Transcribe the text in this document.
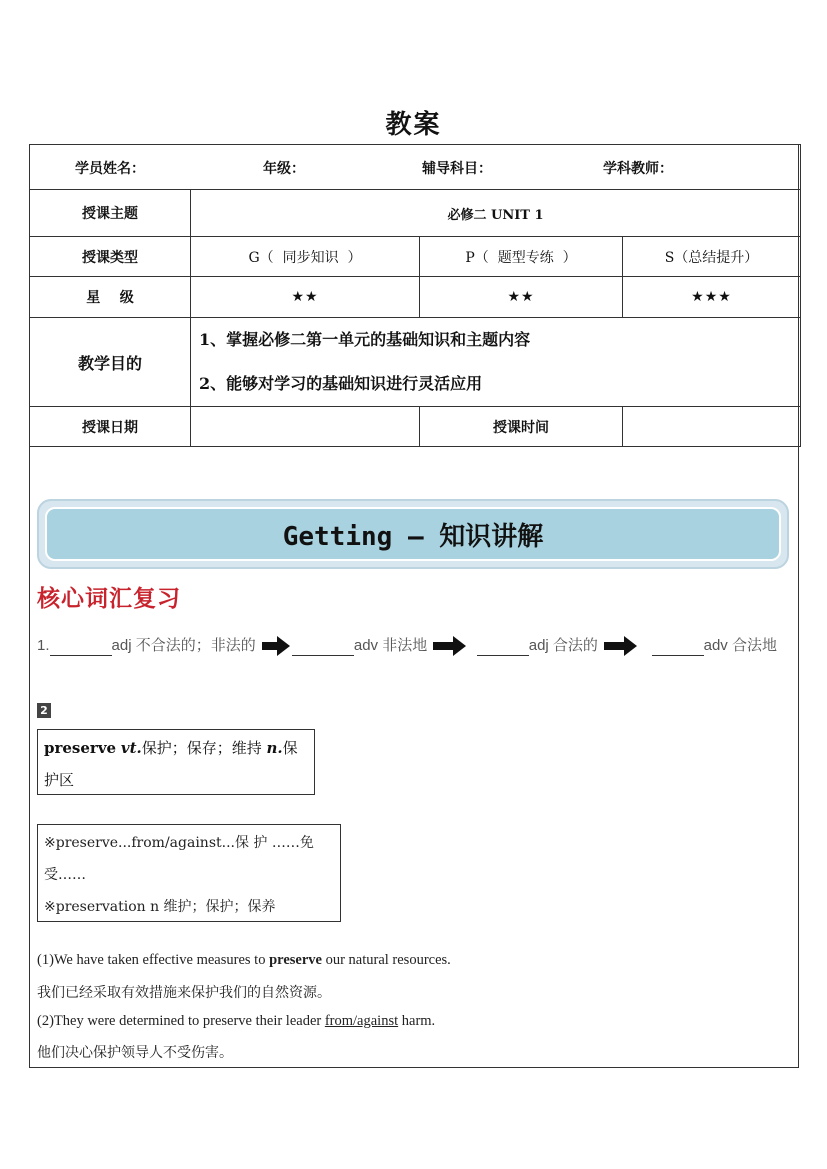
教案
学员姓名： 年级： 辅导科目： 学科教师：			

授课主题	必修二 UNIT 1		
授课类型	G（  同步知识  ）	P（  题型专练  ）	S（总结提升）
星    级	★★	★★	★★★
教学目的	1、掌握必修二第一单元的基础知识和主题内容
2、能够对学习的基础知识进行灵活应用		

授课日期		授课时间	
Getting — 知识讲解
核心词汇复习
1.	adj 不合法的；非法的	adv 非法地	adj 合法的	adv 合法地
2
preserve vt.保护；保存；维持 n.保护区
※preserve...from/against...保 护 ……免受……
※preservation n 维护；保护；保养
(1)We have taken effective measures to preserve our natural resources.
我们已经采取有效措施来保护我们的自然资源。
(2)They were determined to preserve their leader from/against harm.
他们决心保护领导人不受伤害。
